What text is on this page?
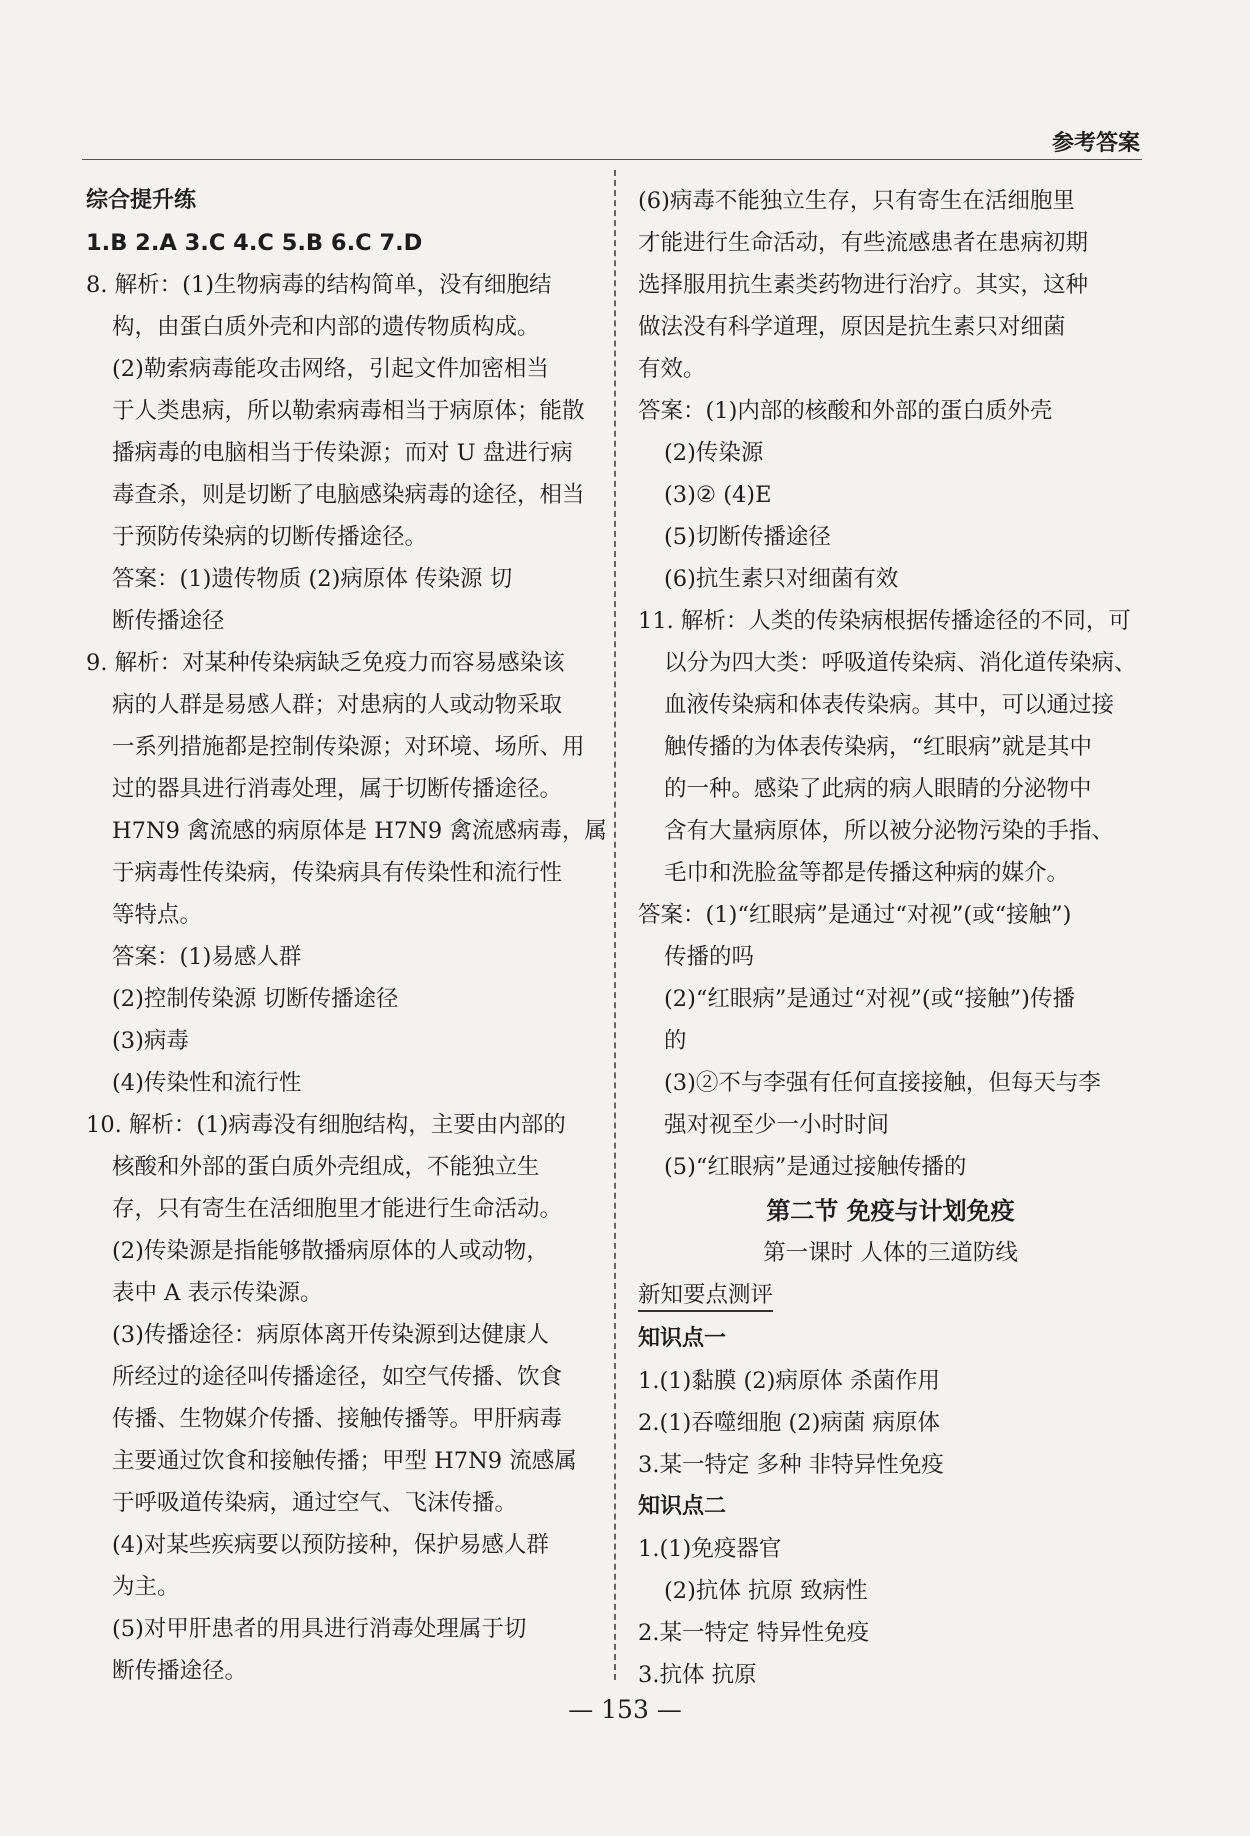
参考答案
综合提升练
1.B 2.A 3.C 4.C 5.B 6.C 7.D
8. 解析：(1)生物病毒的结构简单，没有细胞结
构，由蛋白质外壳和内部的遗传物质构成。
(2)勒索病毒能攻击网络，引起文件加密相当
于人类患病，所以勒索病毒相当于病原体；能散
播病毒的电脑相当于传染源；而对 U 盘进行病
毒查杀，则是切断了电脑感染病毒的途径，相当
于预防传染病的切断传播途径。
答案：(1)遗传物质 (2)病原体 传染源 切
断传播途径
9. 解析：对某种传染病缺乏免疫力而容易感染该
病的人群是易感人群；对患病的人或动物采取
一系列措施都是控制传染源；对环境、场所、用
过的器具进行消毒处理，属于切断传播途径。
H7N9 禽流感的病原体是 H7N9 禽流感病毒，属
于病毒性传染病，传染病具有传染性和流行性
等特点。
答案：(1)易感人群
(2)控制传染源 切断传播途径
(3)病毒
(4)传染性和流行性
10. 解析：(1)病毒没有细胞结构，主要由内部的
核酸和外部的蛋白质外壳组成，不能独立生
存，只有寄生在活细胞里才能进行生命活动。
(2)传染源是指能够散播病原体的人或动物，
表中 A 表示传染源。
(3)传播途径：病原体离开传染源到达健康人
所经过的途径叫传播途径，如空气传播、饮食
传播、生物媒介传播、接触传播等。甲肝病毒
主要通过饮食和接触传播；甲型 H7N9 流感属
于呼吸道传染病，通过空气、飞沫传播。
(4)对某些疾病要以预防接种，保护易感人群
为主。
(5)对甲肝患者的用具进行消毒处理属于切
断传播途径。
(6)病毒不能独立生存，只有寄生在活细胞里
才能进行生命活动，有些流感患者在患病初期
选择服用抗生素类药物进行治疗。其实，这种
做法没有科学道理，原因是抗生素只对细菌
有效。
答案：(1)内部的核酸和外部的蛋白质外壳
(2)传染源
(3)② (4)E
(5)切断传播途径
(6)抗生素只对细菌有效
11. 解析：人类的传染病根据传播途径的不同，可
以分为四大类：呼吸道传染病、消化道传染病、
血液传染病和体表传染病。其中，可以通过接
触传播的为体表传染病，“红眼病”就是其中
的一种。感染了此病的病人眼睛的分泌物中
含有大量病原体，所以被分泌物污染的手指、
毛巾和洗脸盆等都是传播这种病的媒介。
答案：(1)“红眼病”是通过“对视”(或“接触”)
传播的吗
(2)“红眼病”是通过“对视”(或“接触”)传播
的
(3)②不与李强有任何直接接触，但每天与李
强对视至少一小时时间
(5)“红眼病”是通过接触传播的
第二节 免疫与计划免疫
第一课时 人体的三道防线
新知要点测评
知识点一
1.(1)黏膜 (2)病原体 杀菌作用
2.(1)吞噬细胞 (2)病菌 病原体
3.某一特定 多种 非特异性免疫
知识点二
1.(1)免疫器官
(2)抗体 抗原 致病性
2.某一特定 特异性免疫
3.抗体 抗原
— 153 —
